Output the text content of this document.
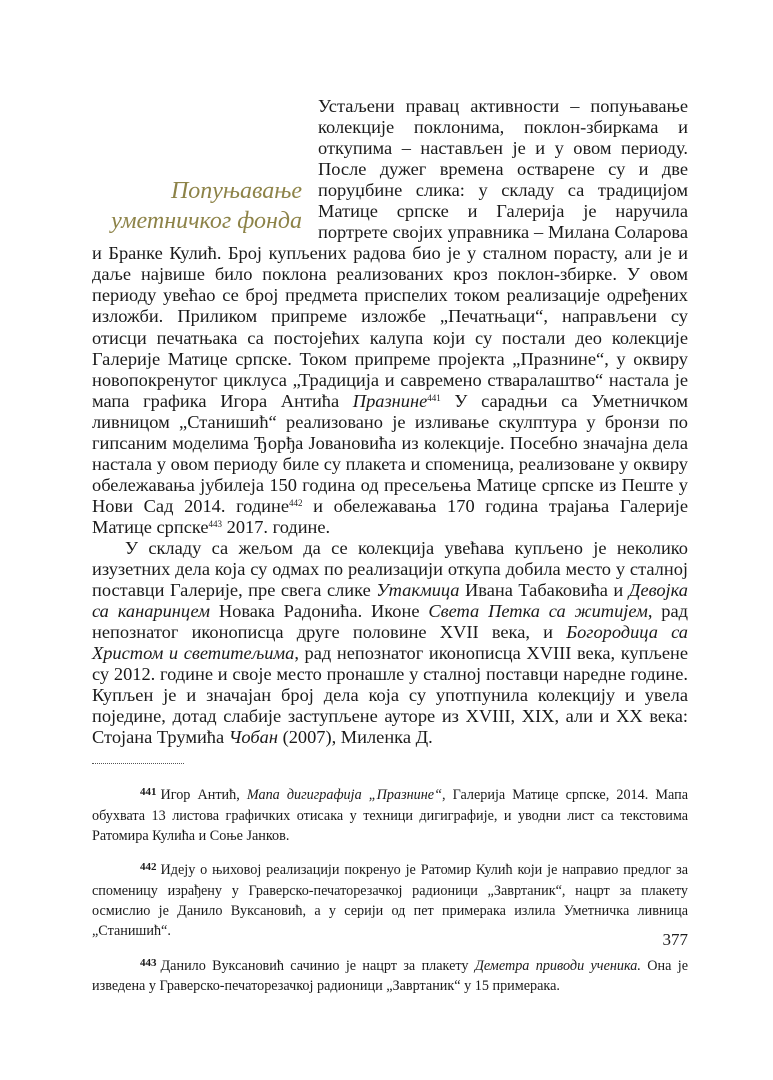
Попуњавање
уметничког фонда

Устаљени правац активности – попуњавање колекције поклонима, поклон-збиркама и откупима – настављен је и у овом периоду. После дужег времена остварене су и две поруџбине слика: у складу са традицијом Матице српске и Галерија је наручила портрете својих управника – Милана Соларова и Бранке Кулић. Број купљених радова био је у сталном порасту, али је и даље највише било поклона реализованих кроз поклон-збирке. У овом периоду увећао се број предмета приспелих током реализације одређених изложби. Приликом припреме изложбе „Печатњаци“, направљени су отисци печатњака са постојећих калупа који су постали део колекције Галерије Матице српске. Током припреме пројекта „Празнине“, у оквиру новопокренутог циклуса „Традиција и савремено стваралаштво“ настала је мапа графика Игора Антића Празнине$^{441}$ У сарадњи са Уметничком ливницом „Станишић“ реализовано је изливање скулптура у бронзи по гипсаним моделима Ђорђа Јовановића из колекције. Посебно значајна дела настала у овом периоду биле су плакета и споменица, реализоване у оквиру обележавања јубилеја 150 година од пресељења Матице српске из Пеште у Нови Сад 2014. године$^{442}$ и обележавања 170 година трајања Галерије Матице српске$^{443}$ 2017. године.

У складу са жељом да се колекција увећава купљено је неколико изузетних дела која су одмах по реализацији откупа добила место у сталној поставци Галерије, пре свега слике Утакмица Ивана Табаковића и Девојка са канаринцем Новака Радонића. Иконе Света Петка са житијем, рад непознатог иконописца друге половине XVII века, и Богородица са Христом и светитељима, рад непознатог иконописца XVIII века, купљене су 2012. године и своје место пронашле у сталној поставци наредне године. Купљен је и значајан број дела која су употпунила колекцију и увела поједине, дотад слабије заступљене ауторе из XVIII, XIX, али и XX века: Стојана Трумића Чобан (2007), Миленка Д.

$^{441}$ Игор Антић, Мапа дигиграфија „Празнине“, Галерија Матице српске, 2014. Мапа обухвата 13 листова графичких отисака у техници дигиграфије, и уводни лист са текстовима Ратомира Кулића и Соње Јанков.

$^{442}$ Идеју о њиховој реализацији покренуо је Ратомир Кулић који је направио предлог за споменицу израђену у Граверско-печаторезачкој радионици „Завртаник“, нацрт за плакету осмислио је Данило Вуксановић, а у серији од пет примерака излила Уметничка ливница „Станишић“.

$^{443}$ Данило Вуксановић сачинио је нацрт за плакету Деметра приводи ученика. Она је изведена у Граверско-печаторезачкој радионици „Завртаник“ у 15 примерака.

377
